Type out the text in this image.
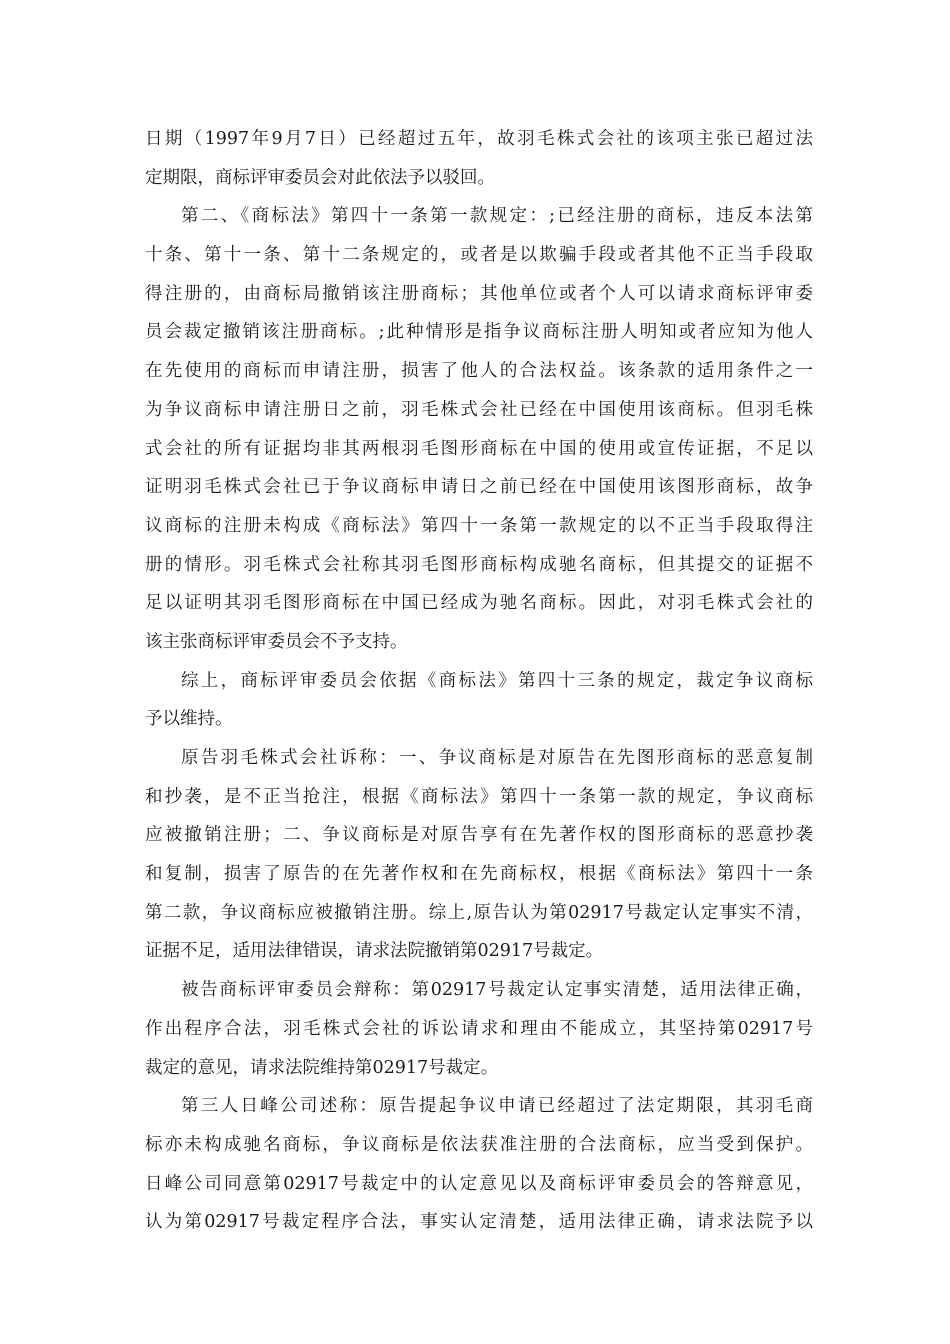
日期（1997年9月7日）已经超过五年，故羽毛株式会社的该项主张已超过法
定期限，商标评审委员会对此依法予以驳回。
第二、《商标法》第四十一条第一款规定：;已经注册的商标，违反本法第
十条、第十一条、第十二条规定的，或者是以欺骗手段或者其他不正当手段取
得注册的，由商标局撤销该注册商标；其他单位或者个人可以请求商标评审委
员会裁定撤销该注册商标。;此种情形是指争议商标注册人明知或者应知为他人
在先使用的商标而申请注册，损害了他人的合法权益。该条款的适用条件之一
为争议商标申请注册日之前，羽毛株式会社已经在中国使用该商标。但羽毛株
式会社的所有证据均非其两根羽毛图形商标在中国的使用或宣传证据，不足以
证明羽毛株式会社已于争议商标申请日之前已经在中国使用该图形商标，故争
议商标的注册未构成《商标法》第四十一条第一款规定的以不正当手段取得注
册的情形。羽毛株式会社称其羽毛图形商标构成驰名商标，但其提交的证据不
足以证明其羽毛图形商标在中国已经成为驰名商标。因此，对羽毛株式会社的
该主张商标评审委员会不予支持。
综上，商标评审委员会依据《商标法》第四十三条的规定，裁定争议商标
予以维持。
原告羽毛株式会社诉称：一、争议商标是对原告在先图形商标的恶意复制
和抄袭，是不正当抢注，根据《商标法》第四十一条第一款的规定，争议商标
应被撤销注册；二、争议商标是对原告享有在先著作权的图形商标的恶意抄袭
和复制，损害了原告的在先著作权和在先商标权，根据《商标法》第四十一条
第二款，争议商标应被撤销注册。综上,原告认为第02917号裁定认定事实不清，
证据不足，适用法律错误，请求法院撤销第02917号裁定。
被告商标评审委员会辩称：第02917号裁定认定事实清楚，适用法律正确，
作出程序合法，羽毛株式会社的诉讼请求和理由不能成立，其坚持第02917号
裁定的意见，请求法院维持第02917号裁定。
第三人日峰公司述称：原告提起争议申请已经超过了法定期限，其羽毛商
标亦未构成驰名商标，争议商标是依法获准注册的合法商标，应当受到保护。
日峰公司同意第02917号裁定中的认定意见以及商标评审委员会的答辩意见，
认为第02917号裁定程序合法，事实认定清楚，适用法律正确，请求法院予以
